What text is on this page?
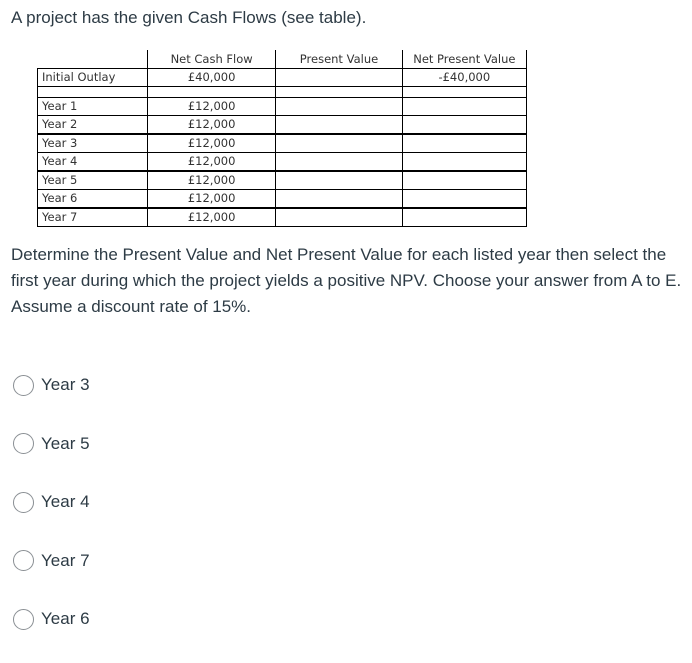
A project has the given Cash Flows (see table).
	Net Cash Flow	Present Value	Net Present Value
Initial Outlay	£40,000		-£40,000

Year 1	£12,000		
Year 2	£12,000		
Year 3	£12,000		
Year 4	£12,000		
Year 5	£12,000		
Year 6	£12,000		
Year 7	£12,000		
Determine the Present Value and Net Present Value for each listed year then select the first year during which the project yields a positive NPV. Choose your answer from A to E. Assume a discount rate of 15%.
Year 3
Year 5
Year 4
Year 7
Year 6
